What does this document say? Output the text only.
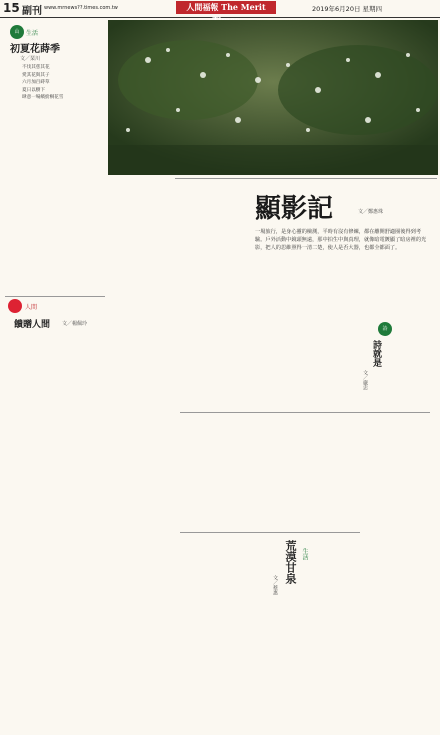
15 副刊 www.mrnews??.times.com.tw	人間福報 The Merit	2019年6月20日 星期四
山	生活
初夏花蒔季
文／琹川
不伐其慈其花
愛其花與其子
六月加百蒔草
夏日以樹下
肆意一場繽紛桐花雪
顯影記	文／鄭惠珠
一場旅行，是身心靈的檢測，平時有沒有修練，都在離開舒適圈後得到考驗。戶外活動中鏡頭無遠，那中拍生中與真理，就像暗電鍍顯了暗房裡的光影，把人的思維照得一清二楚，使人是否大器，也都全都面了。
人間
饋贈人間 文／楊佩玲
詩
詩就是
文／嚴忠
生活
荒漠甘泉
文／蔡惠
